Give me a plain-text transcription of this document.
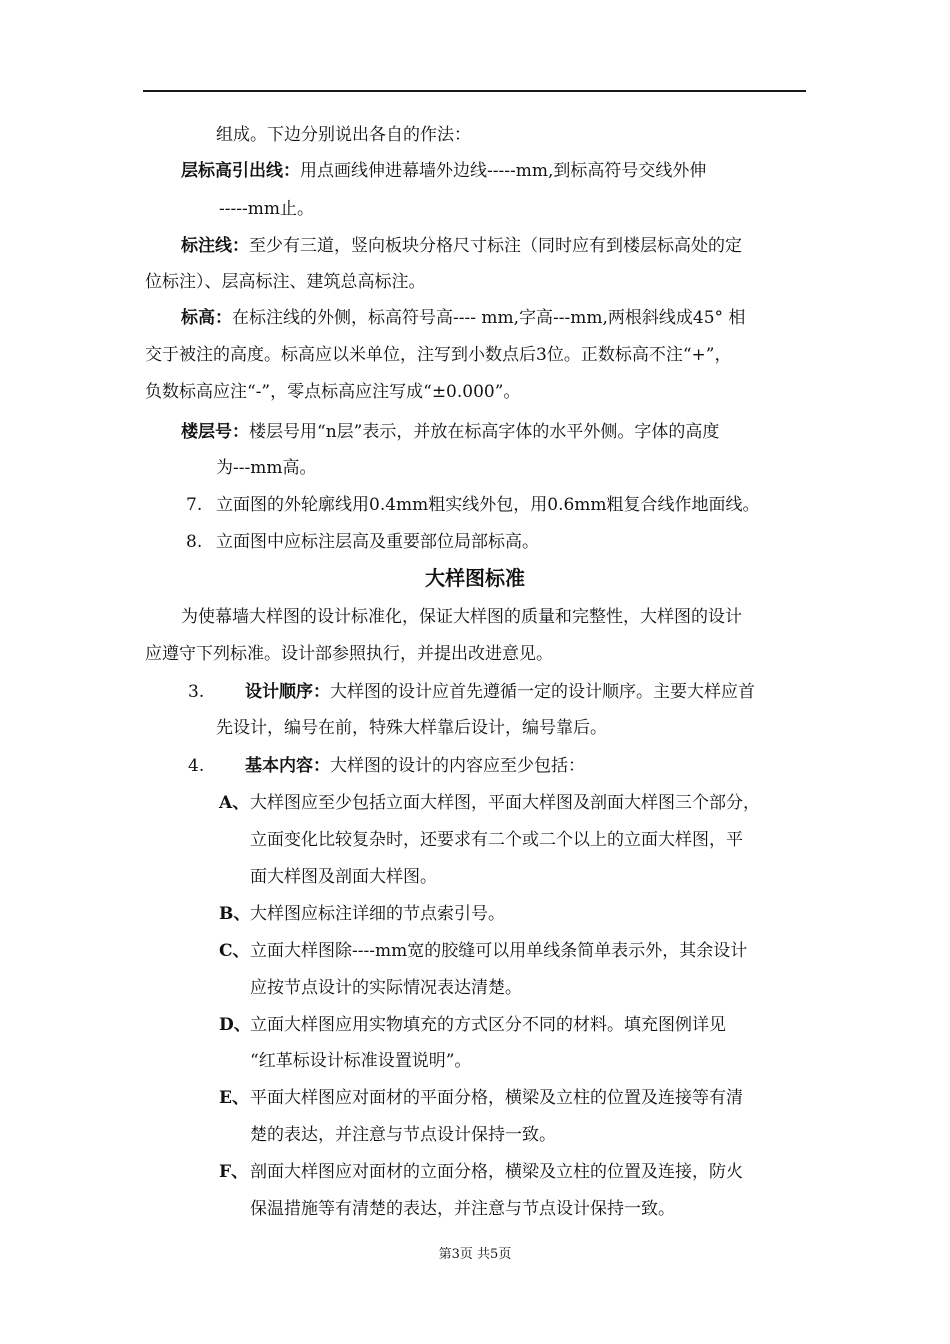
组成。下边分别说出各自的作法：
层标高引出线：用点画线伸进幕墙外边线-----mm,到标高符号交线外伸
-----mm止。
标注线：至少有三道，竖向板块分格尺寸标注（同时应有到楼层标高处的定
位标注）、层高标注、建筑总高标注。
标高：在标注线的外侧，标高符号高---- mm,字高---mm,两根斜线成45° 相
交于被注的高度。标高应以米单位，注写到小数点后3位。正数标高不注“+”，
负数标高应注“-”，零点标高应注写成“±0.000”。
楼层号：楼层号用“n层”表示，并放在标高字体的水平外侧。字体的高度
为---mm高。
7. 立面图的外轮廓线用0.4mm粗实线外包，用0.6mm粗复合线作地面线。
8. 立面图中应标注层高及重要部位局部标高。
大样图标准
为使幕墙大样图的设计标准化，保证大样图的质量和完整性，大样图的设计
应遵守下列标准。设计部参照执行，并提出改进意见。
3. 设计顺序：大样图的设计应首先遵循一定的设计顺序。主要大样应首
先设计，编号在前，特殊大样靠后设计，编号靠后。
4. 基本内容：大样图的设计的内容应至少包括：
A、 大样图应至少包括立面大样图，平面大样图及剖面大样图三个部分，
立面变化比较复杂时，还要求有二个或二个以上的立面大样图，平
面大样图及剖面大样图。
B、 大样图应标注详细的节点索引号。
C、 立面大样图除----mm宽的胶缝可以用单线条简单表示外，其余设计
应按节点设计的实际情况表达清楚。
D、 立面大样图应用实物填充的方式区分不同的材料。填充图例详见
“红革标设计标准设置说明”。
E、 平面大样图应对面材的平面分格，横梁及立柱的位置及连接等有清
楚的表达，并注意与节点设计保持一致。
F、 剖面大样图应对面材的立面分格，横梁及立柱的位置及连接，防火
保温措施等有清楚的表达，并注意与节点设计保持一致。
第3页 共5页
